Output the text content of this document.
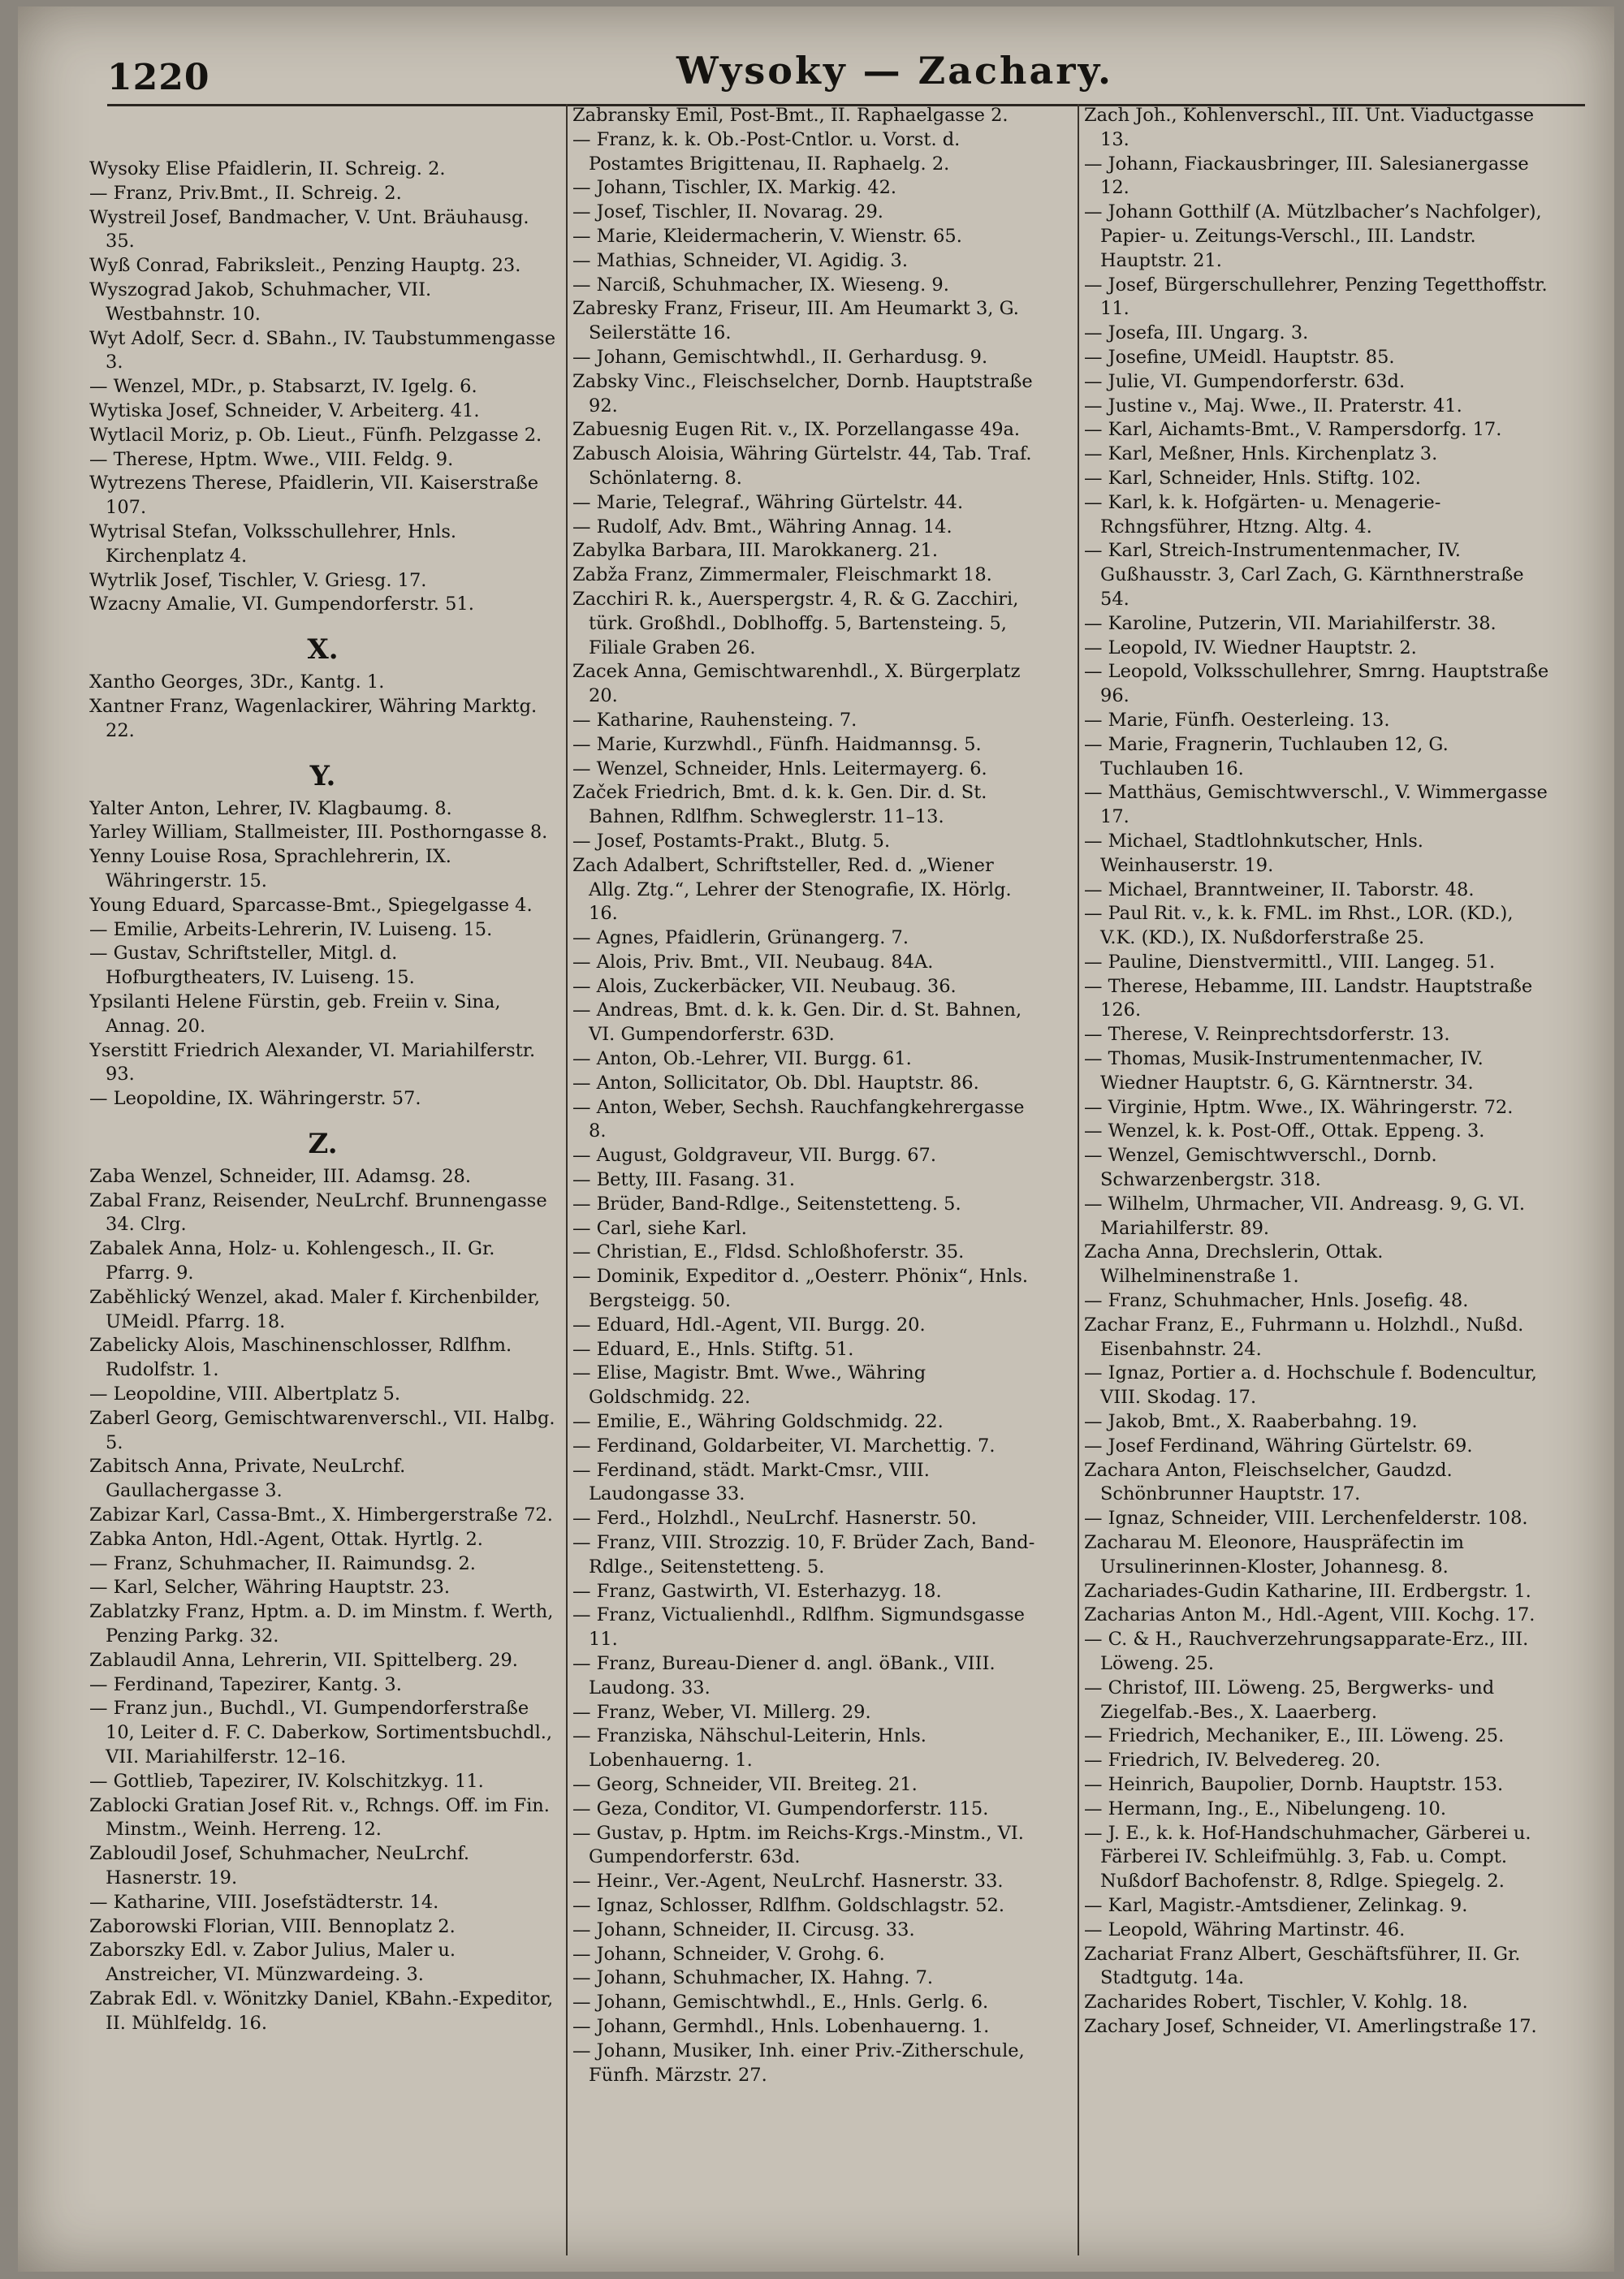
1220	Wysoky — Zachary.
Wysoky Elise Pfaidlerin, II. Schreig. 2.
— Franz, Priv.Bmt., II. Schreig. 2.
Wystreil Josef, Bandmacher, V. Unt. Bräuhausg. 35.
Wyß Conrad, Fabriksleit., Penzing Hauptg. 23.
Wyszograd Jakob, Schuhmacher, VII. Westbahnstr. 10.
Wyt Adolf, Secr. d. SBahn., IV. Taubstummengasse 3.
— Wenzel, MDr., p. Stabsarzt, IV. Igelg. 6.
Wytiska Josef, Schneider, V. Arbeiterg. 41.
Wytlacil Moriz, p. Ob. Lieut., Fünfh. Pelzgasse 2.
— Therese, Hptm. Wwe., VIII. Feldg. 9.
Wytrezens Therese, Pfaidlerin, VII. Kaiserstraße 107.
Wytrisal Stefan, Volksschullehrer, Hnls. Kirchenplatz 4.
Wytrlik Josef, Tischler, V. Griesg. 17.
Wzacny Amalie, VI. Gumpendorferstr. 51.
X.
Xantho Georges, 3Dr., Kantg. 1.
Xantner Franz, Wagenlackirer, Währing Marktg. 22.
Y.
Yalter Anton, Lehrer, IV. Klagbaumg. 8.
Yarley William, Stallmeister, III. Posthorngasse 8.
Yenny Louise Rosa, Sprachlehrerin, IX. Währingerstr. 15.
Young Eduard, Sparcasse-Bmt., Spiegelgasse 4.
— Emilie, Arbeits-Lehrerin, IV. Luiseng. 15.
— Gustav, Schriftsteller, Mitgl. d. Hofburgtheaters, IV. Luiseng. 15.
Ypsilanti Helene Fürstin, geb. Freiin v. Sina, Annag. 20.
Yserstitt Friedrich Alexander, VI. Mariahilferstr. 93.
— Leopoldine, IX. Währingerstr. 57.
Z.
Zaba Wenzel, Schneider, III. Adamsg. 28.
Zabal Franz, Reisender, NeuLrchf. Brunnengasse 34. Clrg.
Zabalek Anna, Holz- u. Kohlengesch., II. Gr. Pfarrg. 9.
Zaběhlický Wenzel, akad. Maler f. Kirchenbilder, UMeidl. Pfarrg. 18.
Zabelicky Alois, Maschinenschlosser, Rdlfhm. Rudolfstr. 1.
— Leopoldine, VIII. Albertplatz 5.
Zaberl Georg, Gemischtwarenverschl., VII. Halbg. 5.
Zabitsch Anna, Private, NeuLrchf. Gaullachergasse 3.
Zabizar Karl, Cassa-Bmt., X. Himbergerstraße 72.
Zabka Anton, Hdl.-Agent, Ottak. Hyrtlg. 2.
— Franz, Schuhmacher, II. Raimundsg. 2.
— Karl, Selcher, Währing Hauptstr. 23.
Zablatzky Franz, Hptm. a. D. im Minstm. f. Werth, Penzing Parkg. 32.
Zablaudil Anna, Lehrerin, VII. Spittelberg. 29.
— Ferdinand, Tapezirer, Kantg. 3.
— Franz jun., Buchdl., VI. Gumpendorferstraße 10, Leiter d. F. C. Daberkow, Sortimentsbuchdl., VII. Mariahilferstr. 12–16.
— Gottlieb, Tapezirer, IV. Kolschitzkyg. 11.
Zablocki Gratian Josef Rit. v., Rchngs. Off. im Fin. Minstm., Weinh. Herreng. 12.
Zabloudil Josef, Schuhmacher, NeuLrchf. Hasnerstr. 19.
— Katharine, VIII. Josefstädterstr. 14.
Zaborowski Florian, VIII. Bennoplatz 2.
Zaborszky Edl. v. Zabor Julius, Maler u. Anstreicher, VI. Münzwardeing. 3.
Zabrak Edl. v. Wönitzky Daniel, KBahn.-Expeditor, II. Mühlfeldg. 16.
Zabransky Emil, Post-Bmt., II. Raphaelgasse 2.
— Franz, k. k. Ob.-Post-Cntlor. u. Vorst. d. Postamtes Brigittenau, II. Raphaelg. 2.
— Johann, Tischler, IX. Markig. 42.
— Josef, Tischler, II. Novarag. 29.
— Marie, Kleidermacherin, V. Wienstr. 65.
— Mathias, Schneider, VI. Agidig. 3.
— Narciß, Schuhmacher, IX. Wieseng. 9.
Zabresky Franz, Friseur, III. Am Heumarkt 3, G. Seilerstätte 16.
— Johann, Gemischtwhdl., II. Gerhardusg. 9.
Zabsky Vinc., Fleischselcher, Dornb. Hauptstraße 92.
Zabuesnig Eugen Rit. v., IX. Porzellangasse 49a.
Zabusch Aloisia, Währing Gürtelstr. 44, Tab. Traf. Schönlaterng. 8.
— Marie, Telegraf., Währing Gürtelstr. 44.
— Rudolf, Adv. Bmt., Währing Annag. 14.
Zabylka Barbara, III. Marokkanerg. 21.
Zabža Franz, Zimmermaler, Fleischmarkt 18.
Zacchiri R. k., Auerspergstr. 4, R. & G. Zacchiri, türk. Großhdl., Doblhoffg. 5, Bartensteing. 5, Filiale Graben 26.
Zacek Anna, Gemischtwarenhdl., X. Bürgerplatz 20.
— Katharine, Rauhensteing. 7.
— Marie, Kurzwhdl., Fünfh. Haidmannsg. 5.
— Wenzel, Schneider, Hnls. Leitermayerg. 6.
Začek Friedrich, Bmt. d. k. k. Gen. Dir. d. St. Bahnen, Rdlfhm. Schweglerstr. 11–13.
— Josef, Postamts-Prakt., Blutg. 5.
Zach Adalbert, Schriftsteller, Red. d. „Wiener Allg. Ztg.“, Lehrer der Stenografie, IX. Hörlg. 16.
— Agnes, Pfaidlerin, Grünangerg. 7.
— Alois, Priv. Bmt., VII. Neubaug. 84A.
— Alois, Zuckerbäcker, VII. Neubaug. 36.
— Andreas, Bmt. d. k. k. Gen. Dir. d. St. Bahnen, VI. Gumpendorferstr. 63D.
— Anton, Ob.-Lehrer, VII. Burgg. 61.
— Anton, Sollicitator, Ob. Dbl. Hauptstr. 86.
— Anton, Weber, Sechsh. Rauchfangkehrergasse 8.
— August, Goldgraveur, VII. Burgg. 67.
— Betty, III. Fasang. 31.
— Brüder, Band-Rdlge., Seitenstetteng. 5.
— Carl, siehe Karl.
— Christian, E., Fldsd. Schloßhoferstr. 35.
— Dominik, Expeditor d. „Oesterr. Phönix“, Hnls. Bergsteigg. 50.
— Eduard, Hdl.-Agent, VII. Burgg. 20.
— Eduard, E., Hnls. Stiftg. 51.
— Elise, Magistr. Bmt. Wwe., Währing Goldschmidg. 22.
— Emilie, E., Währing Goldschmidg. 22.
— Ferdinand, Goldarbeiter, VI. Marchettig. 7.
— Ferdinand, städt. Markt-Cmsr., VIII. Laudongasse 33.
— Ferd., Holzhdl., NeuLrchf. Hasnerstr. 50.
— Franz, VIII. Strozzig. 10, F. Brüder Zach, Band-Rdlge., Seitenstetteng. 5.
— Franz, Gastwirth, VI. Esterhazyg. 18.
— Franz, Victualienhdl., Rdlfhm. Sigmundsgasse 11.
— Franz, Bureau-Diener d. angl. öBank., VIII. Laudong. 33.
— Franz, Weber, VI. Millerg. 29.
— Franziska, Nähschul-Leiterin, Hnls. Lobenhauerng. 1.
— Georg, Schneider, VII. Breiteg. 21.
— Geza, Conditor, VI. Gumpendorferstr. 115.
— Gustav, p. Hptm. im Reichs-Krgs.-Minstm., VI. Gumpendorferstr. 63d.
— Heinr., Ver.-Agent, NeuLrchf. Hasnerstr. 33.
— Ignaz, Schlosser, Rdlfhm. Goldschlagstr. 52.
— Johann, Schneider, II. Circusg. 33.
— Johann, Schneider, V. Grohg. 6.
— Johann, Schuhmacher, IX. Hahng. 7.
— Johann, Gemischtwhdl., E., Hnls. Gerlg. 6.
— Johann, Germhdl., Hnls. Lobenhauerng. 1.
— Johann, Musiker, Inh. einer Priv.-Zitherschule, Fünfh. Märzstr. 27.
Zach Joh., Kohlenverschl., III. Unt. Viaductgasse 13.
— Johann, Fiackausbringer, III. Salesianergasse 12.
— Johann Gotthilf (A. Mützlbacher’s Nachfolger), Papier- u. Zeitungs-Verschl., III. Landstr. Hauptstr. 21.
— Josef, Bürgerschullehrer, Penzing Tegetthoffstr. 11.
— Josefa, III. Ungarg. 3.
— Josefine, UMeidl. Hauptstr. 85.
— Julie, VI. Gumpendorferstr. 63d.
— Justine v., Maj. Wwe., II. Praterstr. 41.
— Karl, Aichamts-Bmt., V. Rampersdorfg. 17.
— Karl, Meßner, Hnls. Kirchenplatz 3.
— Karl, Schneider, Hnls. Stiftg. 102.
— Karl, k. k. Hofgärten- u. Menagerie-Rchngsführer, Htzng. Altg. 4.
— Karl, Streich-Instrumentenmacher, IV. Gußhausstr. 3, Carl Zach, G. Kärnthnerstraße 54.
— Karoline, Putzerin, VII. Mariahilferstr. 38.
— Leopold, IV. Wiedner Hauptstr. 2.
— Leopold, Volksschullehrer, Smrng. Hauptstraße 96.
— Marie, Fünfh. Oesterleing. 13.
— Marie, Fragnerin, Tuchlauben 12, G. Tuchlauben 16.
— Matthäus, Gemischtwverschl., V. Wimmergasse 17.
— Michael, Stadtlohnkutscher, Hnls. Weinhauserstr. 19.
— Michael, Branntweiner, II. Taborstr. 48.
— Paul Rit. v., k. k. FML. im Rhst., LOR. (KD.), V.K. (KD.), IX. Nußdorferstraße 25.
— Pauline, Dienstvermittl., VIII. Langeg. 51.
— Therese, Hebamme, III. Landstr. Hauptstraße 126.
— Therese, V. Reinprechtsdorferstr. 13.
— Thomas, Musik-Instrumentenmacher, IV. Wiedner Hauptstr. 6, G. Kärntnerstr. 34.
— Virginie, Hptm. Wwe., IX. Währingerstr. 72.
— Wenzel, k. k. Post-Off., Ottak. Eppeng. 3.
— Wenzel, Gemischtwverschl., Dornb. Schwarzenbergstr. 318.
— Wilhelm, Uhrmacher, VII. Andreasg. 9, G. VI. Mariahilferstr. 89.
Zacha Anna, Drechslerin, Ottak. Wilhelminenstraße 1.
— Franz, Schuhmacher, Hnls. Josefig. 48.
Zachar Franz, E., Fuhrmann u. Holzhdl., Nußd. Eisenbahnstr. 24.
— Ignaz, Portier a. d. Hochschule f. Bodencultur, VIII. Skodag. 17.
— Jakob, Bmt., X. Raaberbahng. 19.
— Josef Ferdinand, Währing Gürtelstr. 69.
Zachara Anton, Fleischselcher, Gaudzd. Schönbrunner Hauptstr. 17.
— Ignaz, Schneider, VIII. Lerchenfelderstr. 108.
Zacharau M. Eleonore, Hauspräfectin im Ursulinerinnen-Kloster, Johannesg. 8.
Zachariades-Gudin Katharine, III. Erdbergstr. 1.
Zacharias Anton M., Hdl.-Agent, VIII. Kochg. 17.
— C. & H., Rauchverzehrungsapparate-Erz., III. Löweng. 25.
— Christof, III. Löweng. 25, Bergwerks- und Ziegelfab.-Bes., X. Laaerberg.
— Friedrich, Mechaniker, E., III. Löweng. 25.
— Friedrich, IV. Belvedereg. 20.
— Heinrich, Baupolier, Dornb. Hauptstr. 153.
— Hermann, Ing., E., Nibelungeng. 10.
— J. E., k. k. Hof-Handschuhmacher, Gärberei u. Färberei IV. Schleifmühlg. 3, Fab. u. Compt. Nußdorf Bachofenstr. 8, Rdlge. Spiegelg. 2.
— Karl, Magistr.-Amtsdiener, Zelinkag. 9.
— Leopold, Währing Martinstr. 46.
Zachariat Franz Albert, Geschäftsführer, II. Gr. Stadtgutg. 14a.
Zacharides Robert, Tischler, V. Kohlg. 18.
Zachary Josef, Schneider, VI. Amerlingstraße 17.
